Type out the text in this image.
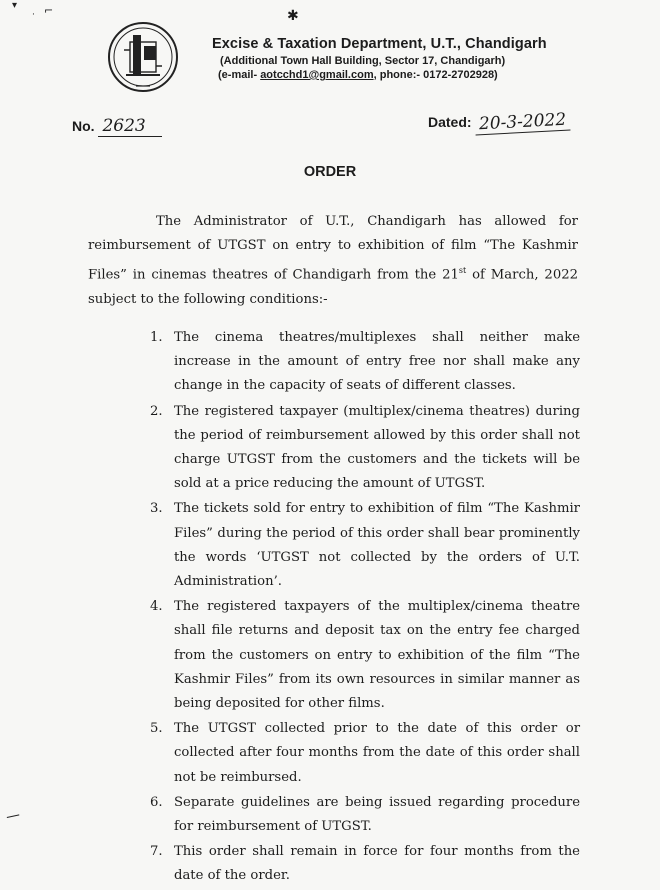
▾
· ⌐
—
✱
Excise & Taxation Department, U.T., Chandigarh
(Additional Town Hall Building, Sector 17, Chandigarh)
(e-mail- aotcchd1@gmail.com, phone:- 0172-2702928)
No. 2623	Dated: 20-3-2022
ORDER
The Administrator of U.T., Chandigarh has allowed for reimbursement of UTGST on entry to exhibition of film “The Kashmir Files” in cinemas theatres of Chandigarh from the 21st of March, 2022 subject to the following conditions:-
1. The cinema theatres/multiplexes shall neither make increase in the amount of entry free nor shall make any change in the capacity of seats of different classes.
2. The registered taxpayer (multiplex/cinema theatres) during the period of reimbursement allowed by this order shall not charge UTGST from the customers and the tickets will be sold at a price reducing the amount of UTGST.
3. The tickets sold for entry to exhibition of film “The Kashmir Files” during the period of this order shall bear prominently the words ‘UTGST not collected by the orders of U.T. Administration’.
4. The registered taxpayers of the multiplex/cinema theatre shall file returns and deposit tax on the entry fee charged from the customers on entry to exhibition of the film “The Kashmir Files” from its own resources in similar manner as being deposited for other films.
5. The UTGST collected prior to the date of this order or collected after four months from the date of this order shall not be reimbursed.
6. Separate guidelines are being issued regarding procedure for reimbursement of UTGST.
7. This order shall remain in force for four months from the date of the order.
